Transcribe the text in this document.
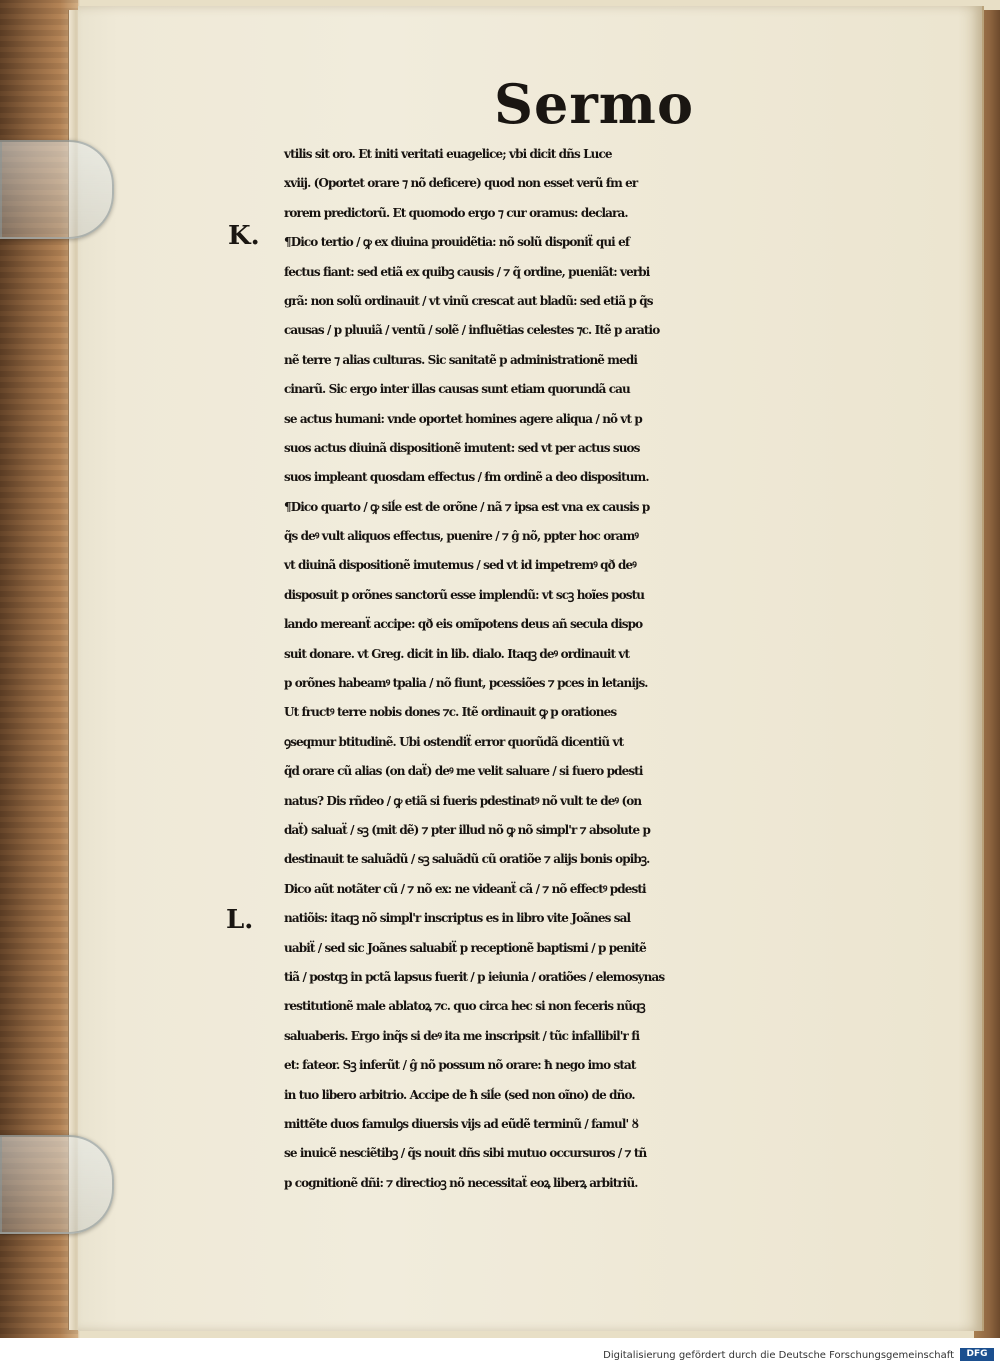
Sermo
K.
L.
vtilis sit oro. Et initi veritati euagelice; vbi dicit dñs Luce
xviij. (Oportet orare ⁊ nõ deficere) quod non esset verũ ẜm er
rorem predictorũ. Et quomodo ergo ⁊ cur oramus: declara.
¶Dico tertio / ꝙ ex diuina prouidẽtia: nõ solũ disponiẗ qui ef
fectus fiant: sed etiã ex quibꝫ causis / ⁊ q̃ ordine, pueniãt: verbi
grã: non solũ ordinauit / vt vinũ crescat aut bladũ: sed etiã p q̃s
causas / p pluuiã / ventũ / solẽ / influẽtias celestes ⁊c. Itẽ p aratio
nẽ terre ⁊ alias culturas. Sic sanitatẽ p administrationẽ medi
cinarũ. Sic ergo inter illas causas sunt etiam quorundã cau
se actus humani: vnde oportet homines agere aliqua / nõ vt p
suos actus diuinã dispositionẽ imutent: sed vt per actus suos
suos impleant quosdam effectus / ẜm ordinẽ a deo dispositum.
¶Dico quarto / ꝙ siĺe est de orõne / nã ⁊ ipsa est vna ex causis p
q̃s deꝰ vult aliquos effectus, puenire / ⁊ ĝ nõ, ppter hoc oramꝰ
vt diuinã dispositionẽ imutemus / sed vt id impetremꝰ qð deꝰ
disposuit p orõnes sanctorũ esse implendũ: vt scꝫ hoĩes postu
lando mereanẗ accipe: qð eis omĩpotens deus añ secula dispo
suit donare. vt Greg. dicit in lib. dialo. Itaqꝫ deꝰ ordinauit vt
p orõnes habeamꝰ tpalia / nõ fiunt, pcessiões ⁊ pces in letanijs.
Ut fructꝰ terre nobis dones ⁊c. Itẽ ordinauit ꝙ p orationes
ꝯseqmur btitudinẽ. Ubi ostendiẗ error quorũdã dicentiũ vt
q̃d orare cũ alias (on daẗ) deꝰ me velit saluare / si fuero pdesti
natus? Dis rñdeo / ꝙ etiã si fueris pdestinatꝰ nõ vult te deꝰ (on
daẗ) saluaẗ / sꝫ (mit dẽ) ⁊ pter illud nõ ꝙ nõ simpl'r ⁊ absolute p
destinauit te saluãdũ / sꝫ saluãdũ cũ oratiõe ⁊ alijs bonis opibꝫ.
Dico aũt notãter cũ / ⁊ nõ ex: ne videanẗ cã / ⁊ nõ effectꝰ pdesti
natiõis: itaqꝫ nõ simpl'r inscriptus es in libro vite Joãnes sal
uabiẗ / sed sic Joãnes saluabiẗ p receptionẽ baptismi / p penitẽ
tiã / postqꝫ in pctã lapsus fuerit / p ieiunia / oratiões / elemosynas
restitutionẽ male ablatoꝝ ⁊c. quo circa hec si non feceris nũqꝫ
saluaberis. Ergo inq̃s si deꝰ ita me inscripsit / tũc infallibil'r fi
et: fateor. Sꝫ inferũt / ĝ nõ possum nõ orare: ħ nego imo stat
in tuo libero arbitrio. Accipe de ħ siĺe (sed non oĩno) de dño.
mittẽte duos famulꝯs diuersis vijs ad eũdẽ terminũ / famul' ȣ
se inuicẽ nesciẽtibꝫ / q̃s nouit dñs sibi mutuo occursuros / ⁊ tñ
p cognitionẽ dñi: ⁊ directioꝫ nõ necessitaẗ eoꝝ liberꝝ arbitriũ.
Digitalisierung gefördert durch die Deutsche Forschungsgemeinschaft	DFG
